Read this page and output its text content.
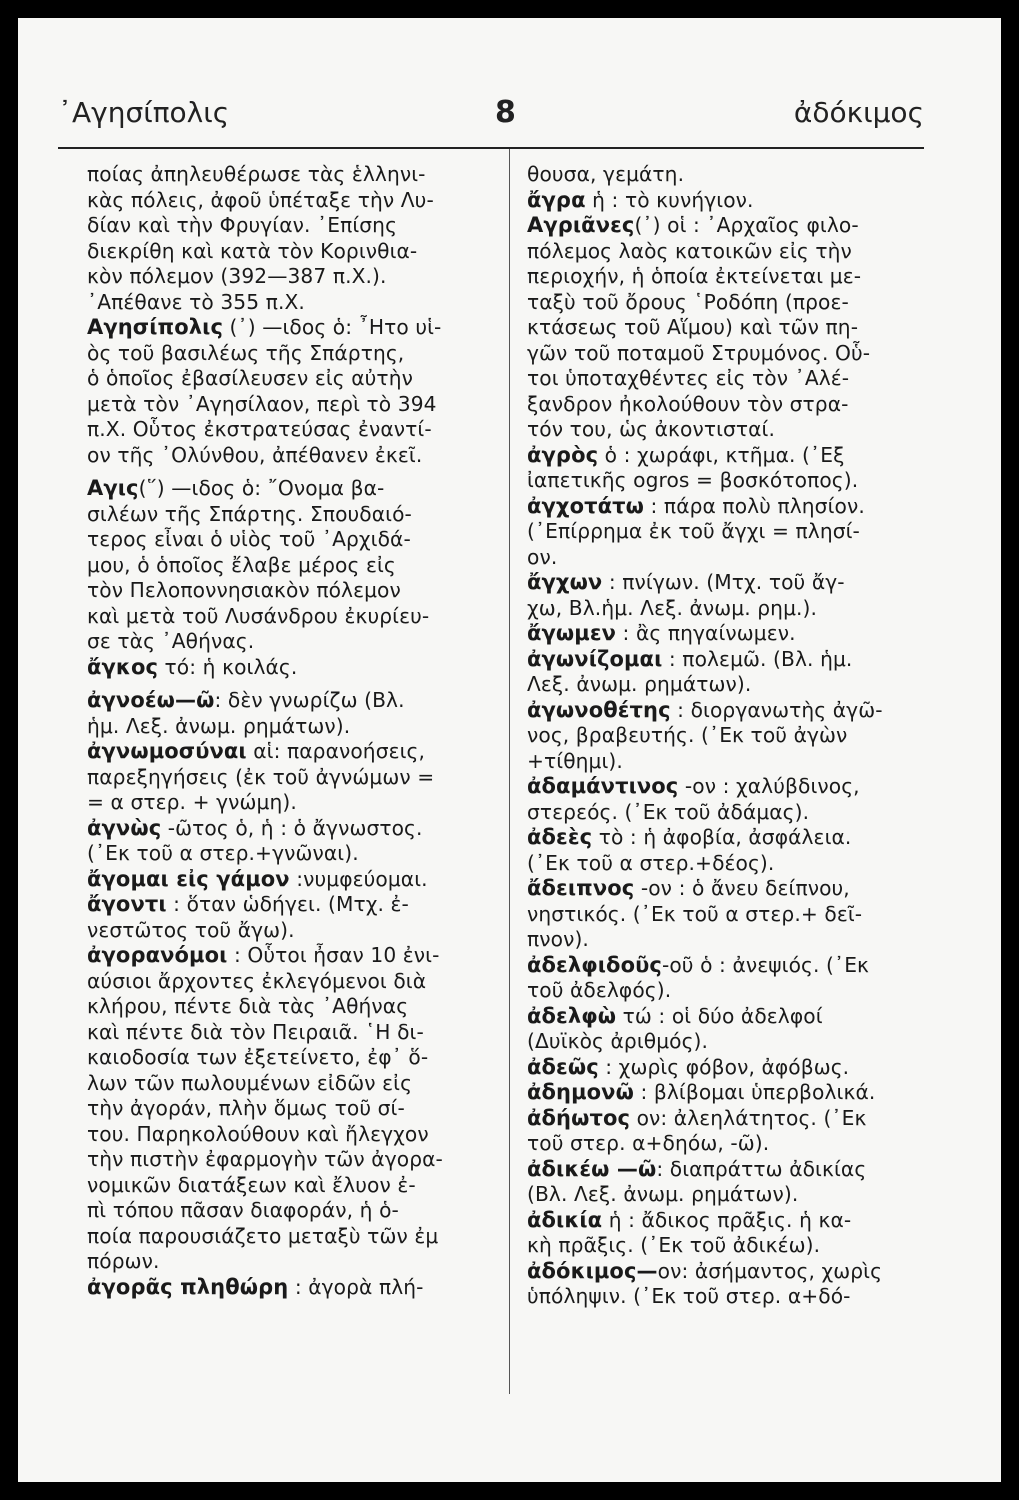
᾿Αγησίπολις	8	ἀδόκιμος
ποίας ἀπηλευθέρωσε τὰς ἑλληνι-
κὰς πόλεις, ἀφοῦ ὑπέταξε τὴν Λυ-
δίαν καὶ τὴν Φρυγίαν. ᾿Επίσης
διεκρίθη καὶ κατὰ τὸν Κορινθια-
κὸν πόλεμον (392—387 π.Χ.).
᾿Απέθανε τὸ 355 π.Χ.
Αγησίπολις (᾿) —ιδος ὁ: ῏Ητο υἱ-
ὸς τοῦ βασιλέως τῆς Σπάρτης,
ὁ ὁποῖος ἐβασίλευσεν εἰς αὐτὴν
μετὰ τὸν ᾿Αγησίλαον, περὶ τὸ 394
π.Χ. Οὗτος ἐκστρατεύσας ἐναντί-
ον τῆς ᾿Ολύνθου, ἀπέθανεν ἐκεῖ.
Αγις(῞) —ιδος ὁ: ῎Ονομα βα-
σιλέων τῆς Σπάρτης. Σπουδαιό-
τερος εἶναι ὁ υἱὸς τοῦ ᾿Αρχιδά-
μου, ὁ ὁποῖος ἔλαβε μέρος εἰς
τὸν Πελοποννησιακὸν πόλεμον
καὶ μετὰ τοῦ Λυσάνδρου ἐκυρίευ-
σε τὰς ᾿Αθήνας.
ἄγκος τό: ἡ κοιλάς.
ἀγνοέω—ῶ: δὲν γνωρίζω (Βλ.
ἡμ. Λεξ. ἀνωμ. ρημάτων).
ἀγνωμοσύναι αἱ: παρανοήσεις,
παρεξηγήσεις (ἐκ τοῦ ἀγνώμων =
= α στερ. + γνώμη).
ἀγνὼς -ῶτος ὁ, ἡ : ὁ ἄγνωστος.
(᾿Εκ τοῦ α στερ.+γνῶναι).
ἄγομαι εἰς γάμον :νυμφεύομαι.
ἄγοντι : ὅταν ὡδήγει. (Μτχ. ἐ-
νεστῶτος τοῦ ἄγω).
ἀγορανόμοι : Οὗτοι ἦσαν 10 ἐνι-
αύσιοι ἄρχοντες ἐκλεγόμενοι διὰ
κλήρου, πέντε διὰ τὰς ᾿Αθήνας
καὶ πέντε διὰ τὸν Πειραιᾶ. ῾Η δι-
καιοδοσία των ἐξετείνετο, ἐφ᾿ ὅ-
λων τῶν πωλουμένων εἰδῶν εἰς
τὴν ἀγοράν, πλὴν ὅμως τοῦ σί-
του. Παρηκολούθουν καὶ ἤλεγχον
τὴν πιστὴν ἐφαρμογὴν τῶν ἀγορα-
νομικῶν διατάξεων καὶ ἔλυον ἐ-
πὶ τόπου πᾶσαν διαφοράν, ἡ ὁ-
ποία παρουσιάζετο μεταξὺ τῶν ἐμ
πόρων.
ἀγορᾶς πληθώρη : ἀγορὰ πλή-
θουσα, γεμάτη.
ἄγρα ἡ : τὸ κυνήγιον.
Αγριᾶνες(᾿) οἱ : ᾿Αρχαῖος φιλο-
πόλεμος λαὸς κατοικῶν εἰς τὴν
περιοχήν, ἡ ὁποία ἐκτείνεται με-
ταξὺ τοῦ ὄρους ῾Ροδόπη (προε-
κτάσεως τοῦ Αἵμου) καὶ τῶν πη-
γῶν τοῦ ποταμοῦ Στρυμόνος. Οὗ-
τοι ὑποταχθέντες εἰς τὸν ᾿Αλέ-
ξανδρον ἠκολούθουν τὸν στρα-
τόν του, ὡς ἀκοντισταί.
ἀγρὸς ὁ : χωράφι, κτῆμα. (᾿Εξ
ἰαπετικῆς ogros = βοσκότοπος).
ἀγχοτάτω : πάρα πολὺ πλησίον.
(᾿Επίρρημα ἐκ τοῦ ἄγχι = πλησί-
ον.
ἄγχων : πνίγων. (Μτχ. τοῦ ἄγ-
χω, Βλ.ἡμ. Λεξ. ἀνωμ. ρημ.).
ἄγωμεν : ἂς πηγαίνωμεν.
ἀγωνίζομαι : πολεμῶ. (Βλ. ἡμ.
Λεξ. ἀνωμ. ρημάτων).
ἀγωνοθέτης : διοργανωτὴς ἀγῶ-
νος, βραβευτής. (᾿Εκ τοῦ ἀγὼν
+τίθημι).
ἀδαμάντινος -ον : χαλύβδινος,
στερεός. (᾿Εκ τοῦ ἀδάμας).
ἀδεὲς τὸ : ἡ ἀφοβία, ἀσφάλεια.
(᾿Εκ τοῦ α στερ.+δέος).
ἄδειπνος -ον : ὁ ἄνευ δείπνου,
νηστικός. (᾿Εκ τοῦ α στερ.+ δεῖ-
πνον).
ἀδελφιδοῦς-οῦ ὁ : ἀνεψιός. (᾿Εκ
τοῦ ἀδελφός).
ἀδελφὼ τώ : οἱ δύο ἀδελφοί
(Δυϊκὸς ἀριθμός).
ἀδεῶς : χωρὶς φόβον, ἀφόβως.
ἀδημονῶ : βλίβομαι ὑπερβολικά.
ἀδήωτος ον: ἀλεηλάτητος. (᾿Εκ
τοῦ στερ. α+δηόω, -ῶ).
ἀδικέω —ῶ: διαπράττω ἀδικίας
(Βλ. Λεξ. ἀνωμ. ρημάτων).
ἀδικία ἡ : ἄδικος πρᾶξις. ἡ κα-
κὴ πρᾶξις. (᾿Εκ τοῦ ἀδικέω).
ἀδόκιμος—ον: ἀσήμαντος, χωρὶς
ὑπόληψιν. (᾿Εκ τοῦ στερ. α+δό-
